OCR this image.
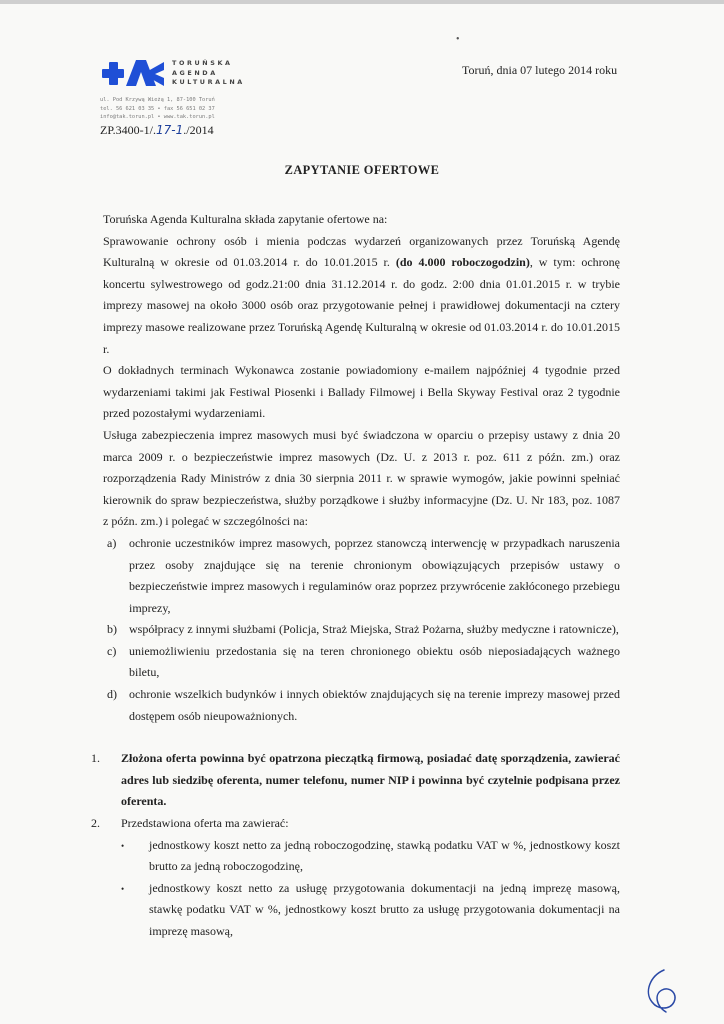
•
TORUŃSKA
AGENDA
KULTURALNA
ul. Pod Krzywą Wieżą 1, 87-100 Toruń
tel. 56 621 03 35 • fax 56 651 02 37
info@tak.torun.pl • www.tak.torun.pl
ZP.3400-1/.17-1./2014
Toruń, dnia 07 lutego 2014 roku
ZAPYTANIE OFERTOWE

Toruńska Agenda Kulturalna składa zapytanie ofertowe na:

Sprawowanie ochrony osób i mienia podczas wydarzeń organizowanych przez Toruńską Agendę Kulturalną w okresie od 01.03.2014 r. do 10.01.2015 r. (do 4.000 roboczogodzin), w tym: ochronę koncertu sylwestrowego od godz.21:00 dnia 31.12.2014 r. do godz. 2:00 dnia 01.01.2015 r. w trybie imprezy masowej na około 3000 osób oraz przygotowanie pełnej i prawidłowej dokumentacji na cztery imprezy masowe realizowane przez Toruńską Agendę Kulturalną w okresie od 01.03.2014 r. do 10.01.2015 r.

O dokładnych terminach Wykonawca zostanie powiadomiony e-mailem najpóźniej 4 tygodnie przed wydarzeniami takimi jak Festiwal Piosenki i Ballady Filmowej i Bella Skyway Festival oraz 2 tygodnie przed pozostałymi wydarzeniami.

Usługa zabezpieczenia imprez masowych musi być świadczona w oparciu o przepisy ustawy z dnia 20 marca 2009 r. o bezpieczeństwie imprez masowych (Dz. U. z 2013 r. poz. 611 z późn. zm.) oraz rozporządzenia Rady Ministrów z dnia 30 sierpnia 2011 r. w sprawie wymogów, jakie powinni spełniać kierownik do spraw bezpieczeństwa, służby porządkowe i służby informacyjne (Dz. U. Nr 183, poz. 1087 z późn. zm.) i polegać w szczególności na:

a)	ochronie uczestników imprez masowych, poprzez stanowczą interwencję w przypadkach naruszenia przez osoby znajdujące się na terenie chronionym obowiązujących przepisów ustawy o bezpieczeństwie imprez masowych i regulaminów oraz poprzez przywrócenie zakłóconego przebiegu imprezy,
b)	współpracy z innymi służbami (Policja, Straż Miejska, Straż Pożarna, służby medyczne i ratownicze),
c)	uniemożliwieniu przedostania się na teren chronionego obiektu osób nieposiadających ważnego biletu,
d)	ochronie wszelkich budynków i innych obiektów znajdujących się na terenie imprezy masowej przed dostępem osób nieupoważnionych.
1.	Złożona oferta powinna być opatrzona pieczątką firmową, posiadać datę sporządzenia, zawierać adres lub siedzibę oferenta, numer telefonu, numer NIP i powinna być czytelnie podpisana przez oferenta.
2.	Przedstawiona oferta ma zawierać:
•	jednostkowy koszt netto za jedną roboczogodzinę, stawką podatku VAT w %, jednostkowy koszt brutto za jedną roboczogodzinę,
•	jednostkowy koszt netto za usługę przygotowania dokumentacji na jedną imprezę masową, stawkę podatku VAT w %, jednostkowy koszt brutto za usługę przygotowania dokumentacji na imprezę masową,
